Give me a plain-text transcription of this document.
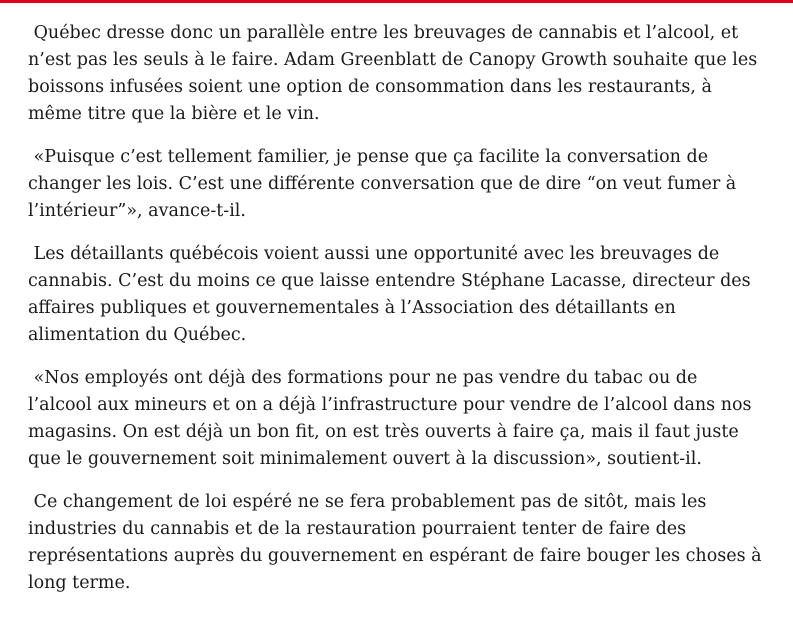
Québec dresse donc un parallèle entre les breuvages de cannabis et l’alcool, et n’est pas les seuls à le faire. Adam Greenblatt de Canopy Growth souhaite que les boissons infusées soient une option de consommation dans les restaurants, à même titre que la bière et le vin.

«Puisque c’est tellement familier, je pense que ça facilite la conversation de changer les lois. C’est une différente conversation que de dire “on veut fumer à l’intérieur”», avance-t-il.

Les détaillants québécois voient aussi une opportunité avec les breuvages de cannabis. C’est du moins ce que laisse entendre Stéphane Lacasse, directeur des affaires publiques et gouvernementales à l’Association des détaillants en alimentation du Québec.

«Nos employés ont déjà des formations pour ne pas vendre du tabac ou de l’alcool aux mineurs et on a déjà l’infrastructure pour vendre de l’alcool dans nos magasins. On est déjà un bon fit, on est très ouverts à faire ça, mais il faut juste que le gouvernement soit minimalement ouvert à la discussion», soutient-il.

Ce changement de loi espéré ne se fera probablement pas de sitôt, mais les industries du cannabis et de la restauration pourraient tenter de faire des représentations auprès du gouvernement en espérant de faire bouger les choses à long terme.
